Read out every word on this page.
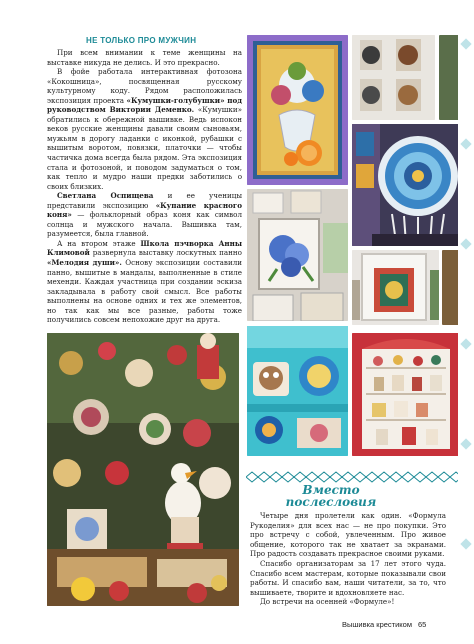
НЕ ТОЛЬКО ПРО МУЖЧИН

При всем внимании к теме женщины на выставке никуда не делись. И это прекрасно.

В фойе работала интерактивная фотозона «Кокошница», посвященная русскому культурному коду. Рядом расположилась экспозиция проекта «Кумушки-голубушки» под руководством Виктории Деменко. «Кумушки» обратились к обережной вышивке. Ведь испокон веков русские женщины давали своим сыновьям, мужьям в дорогу ладанки с иконкой, рубашки с вышитым воротом, повязки, платочки — чтобы частичка дома всегда была рядом. Эта экспозиция стала и фотозоной, и поводом задуматься о том, как тепло и мудро наши предки заботились о своих близких.

Светлана Оспищева и ее ученицы представили экспозицию «Купание красного коня» — фольклорный образ коня как символ солнца и мужского начала. Вышивка там, разумеется, была главной.

А на втором этаже Школа пэчворка Анны Климовой развернула выставку лоскутных панно «Мелодия души». Основу экспозиции составили панно, вышитые в мандалы, выполненные в стиле мехенди. Каждая участница при создании эскиза закладывала в работу свой смысл. Все работы выполнены на основе одних и тех же элементов, но так как мы все разные, работы тоже получились совсем непохожие друг на друга.

Вместо
послесловия

Четыре дня пролетели как один. «Формула Рукоделия» для всех нас — не про покупки. Это про встречу с собой, увлеченным. Про живое общение, которого так не хватает за экранами. Про радость создавать прекрасное своими руками.

Спасибо организаторам за 17 лет этого чуда. Спасибо всем мастерам, которые показывали свои работы. И спасибо вам, наши читатели, за то, что вышиваете, творите и вдохновляете нас.

До встречи на осенней «Формуле»!

Вышивка крестиком 65
